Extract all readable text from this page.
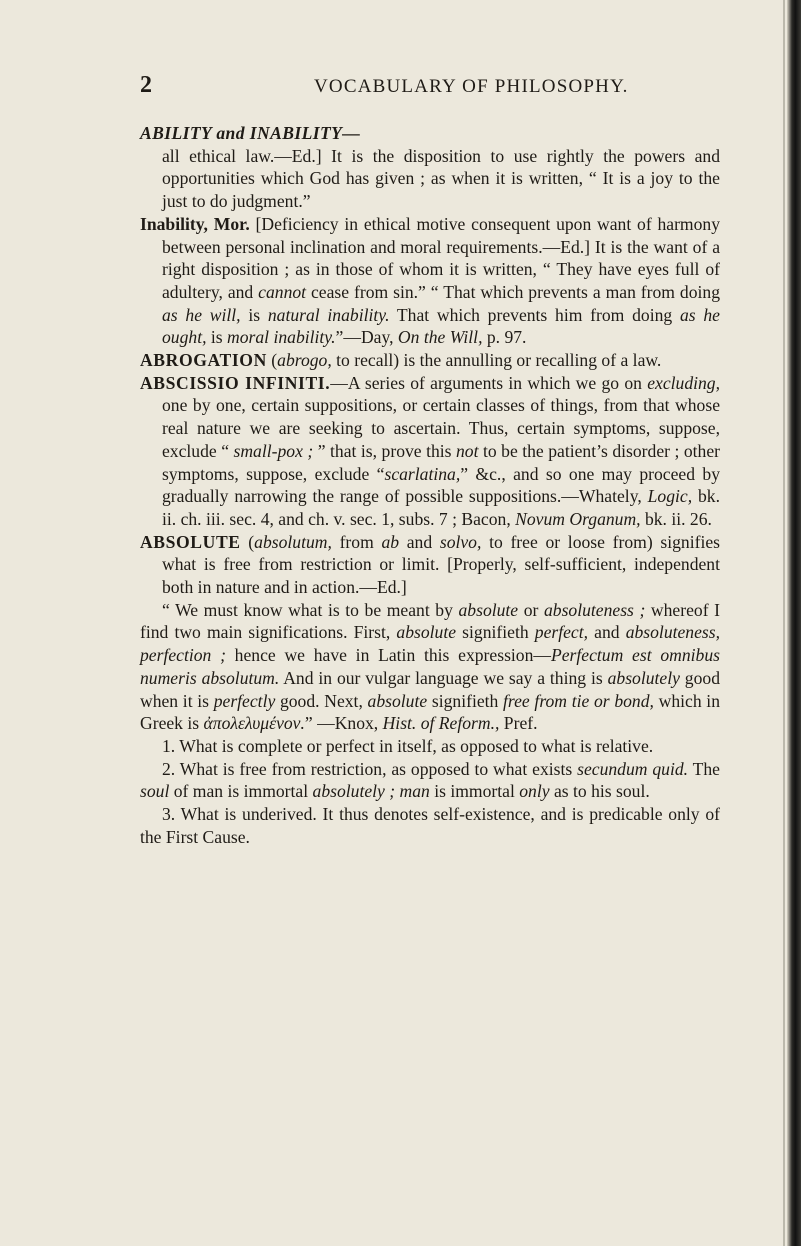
2	VOCABULARY OF PHILOSOPHY.

ABILITY and INABILITY—
all ethical law.—Ed.] It is the disposition to use rightly the powers and opportunities which God has given ; as when it is written, “ It is a joy to the just to do judgment.”

Inability, Mor. [Deficiency in ethical motive consequent upon want of harmony between personal inclination and moral requirements.—Ed.] It is the want of a right disposition ; as in those of whom it is written, “ They have eyes full of adultery, and cannot cease from sin.” “ That which prevents a man from doing as he will, is natural inability. That which prevents him from doing as he ought, is moral inability.”—Day, On the Will, p. 97.

ABROGATION (abrogo, to recall) is the annulling or recalling of a law.

ABSCISSIO INFINITI.—A series of arguments in which we go on excluding, one by one, certain suppositions, or certain classes of things, from that whose real nature we are seeking to ascertain. Thus, certain symptoms, suppose, exclude “ small-pox ; ” that is, prove this not to be the patient’s disorder ; other symptoms, suppose, exclude “scarlatina,” &c., and so one may proceed by gradually narrowing the range of possible suppositions.—Whately, Logic, bk. ii. ch. iii. sec. 4, and ch. v. sec. 1, subs. 7 ; Bacon, Novum Organum, bk. ii. 26.

ABSOLUTE (absolutum, from ab and solvo, to free or loose from) signifies what is free from restriction or limit. [Properly, self-sufficient, independent both in nature and in action.—Ed.]

“ We must know what is to be meant by absolute or absoluteness ; whereof I find two main significations. First, absolute signifieth perfect, and absoluteness, perfection ; hence we have in Latin this expression—Perfectum est omnibus numeris absolutum. And in our vulgar language we say a thing is absolutely good when it is perfectly good. Next, absolute signifieth free from tie or bond, which in Greek is ἀπολελυμένον.” —Knox, Hist. of Reform., Pref.

1. What is complete or perfect in itself, as opposed to what is relative.

2. What is free from restriction, as opposed to what exists secundum quid. The soul of man is immortal absolutely ; man is immortal only as to his soul.

3. What is underived. It thus denotes self-existence, and is predicable only of the First Cause.
